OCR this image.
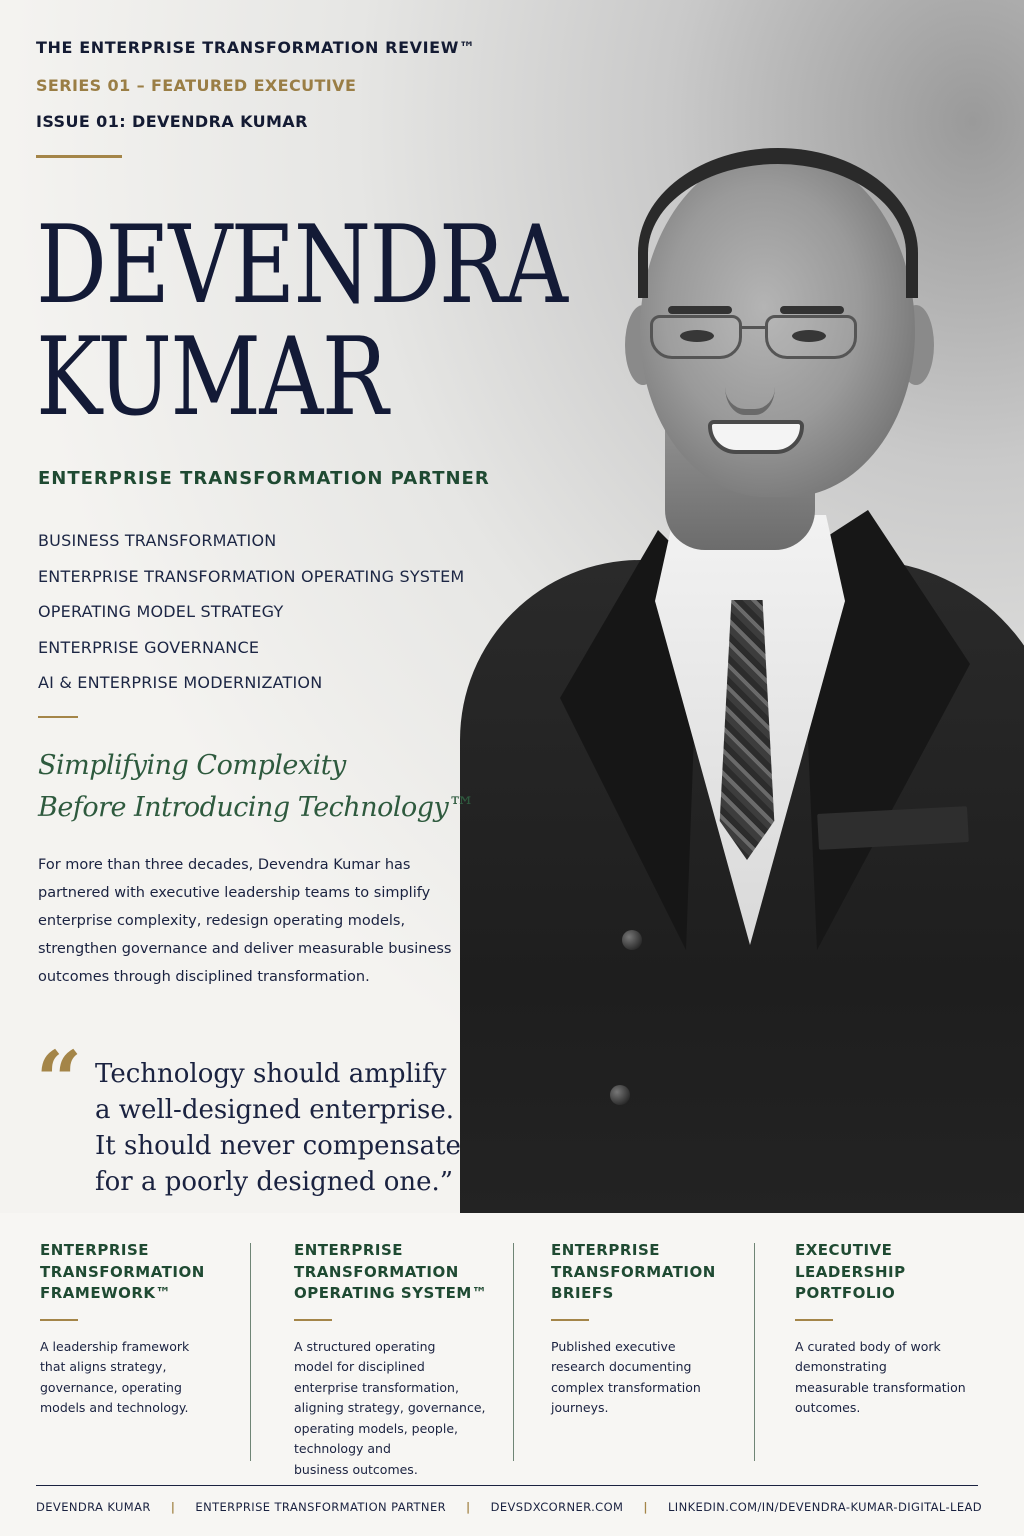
THE ENTERPRISE TRANSFORMATION REVIEW™
SERIES 01 – FEATURED EXECUTIVE
ISSUE 01: DEVENDRA KUMAR
DEVENDRA
KUMAR
ENTERPRISE TRANSFORMATION PARTNER
BUSINESS TRANSFORMATION
ENTERPRISE TRANSFORMATION OPERATING SYSTEM
OPERATING MODEL STRATEGY
ENTERPRISE GOVERNANCE
AI & ENTERPRISE MODERNIZATION
Simplifying Complexity
Before Introducing Technology™

For more than three decades, Devendra Kumar has partnered with executive leadership teams to simplify enterprise complexity, redesign operating models, strengthen governance and deliver measurable business outcomes through disciplined transformation.

“ Technology should amplify
a well-designed enterprise.
It should never compensate
for a poorly designed one.”
ENTERPRISE
TRANSFORMATION
FRAMEWORK™
A leadership framework
that aligns strategy,
governance, operating
models and technology.
ENTERPRISE
TRANSFORMATION
OPERATING SYSTEM™
A structured operating
model for disciplined
enterprise transformation,
aligning strategy, governance,
operating models, people,
technology and
business outcomes.
ENTERPRISE
TRANSFORMATION
BRIEFS
Published executive
research documenting
complex transformation
journeys.
EXECUTIVE
LEADERSHIP
PORTFOLIO
A curated body of work
demonstrating
measurable transformation
outcomes.
DEVENDRA KUMAR | ENTERPRISE TRANSFORMATION PARTNER | DEVSDXCORNER.COM | LINKEDIN.COM/IN/DEVENDRA-KUMAR-DIGITAL-LEAD
